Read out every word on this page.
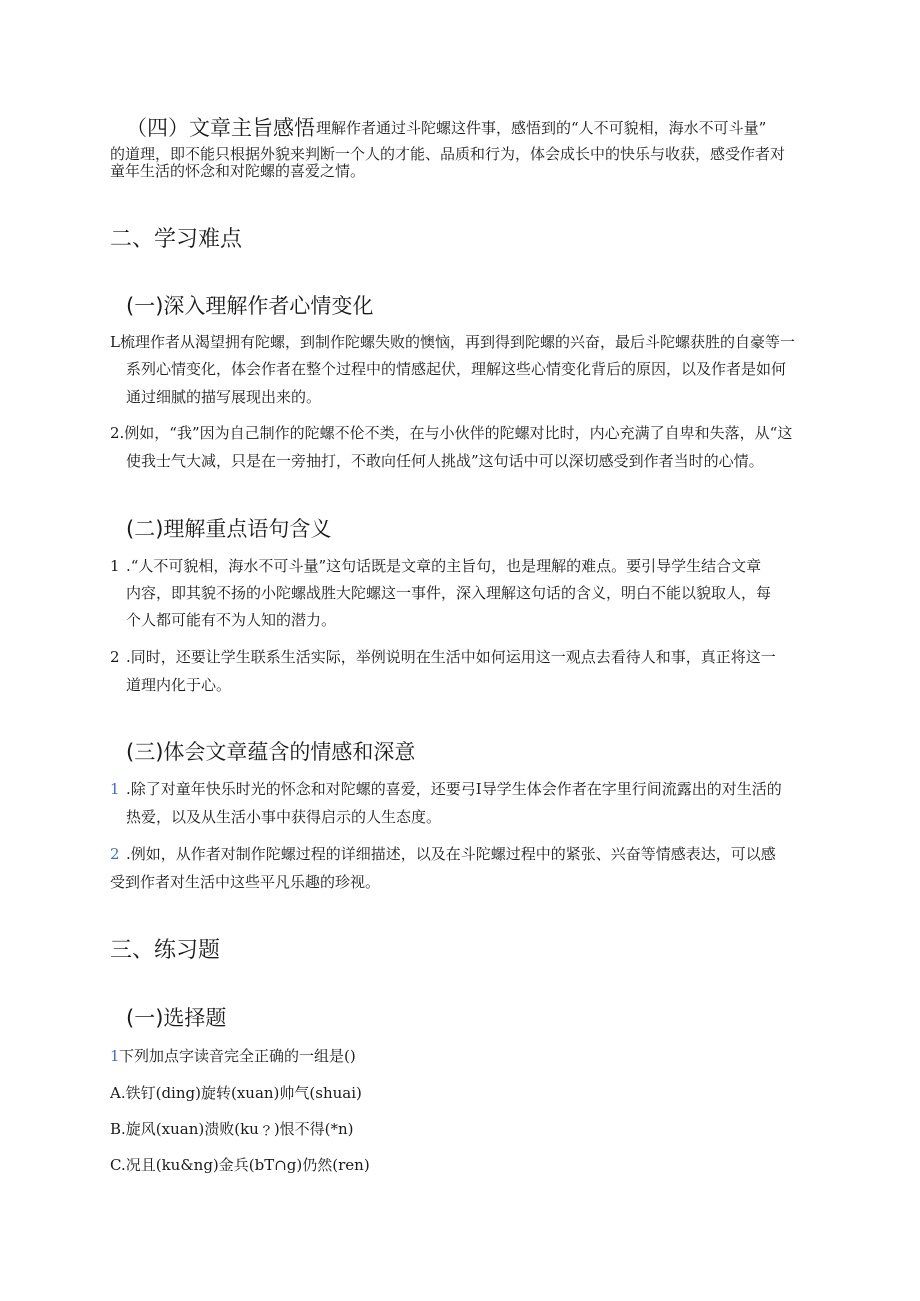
（四）文章主旨感悟 理解作者通过斗陀螺这件事，感悟到的“人不可貌相，海水不可斗量”
的道理，即不能只根据外貌来判断一个人的才能、品质和行为，体会成长中的快乐与收获，感受作者对
童年生活的怀念和对陀螺的喜爱之情。
二、学习难点
(一)深入理解作者心情变化
L梳理作者从渴望拥有陀螺，到制作陀螺失败的懊恼，再到得到陀螺的兴奋，最后斗陀螺获胜的自豪等一
系列心情变化，体会作者在整个过程中的情感起伏，理解这些心情变化背后的原因，以及作者是如何
通过细腻的描写展现出来的。
2.例如，“我”因为自己制作的陀螺不伦不类，在与小伙伴的陀螺对比时，内心充满了自卑和失落，从“这
使我士气大减，只是在一旁抽打，不敢向任何人挑战”这句话中可以深切感受到作者当时的心情。
(二)理解重点语句含义
1 .“人不可貌相，海水不可斗量”这句话既是文章的主旨句，也是理解的难点。要引导学生结合文章
内容，即其貌不扬的小陀螺战胜大陀螺这一事件，深入理解这句话的含义，明白不能以貌取人，每
个人都可能有不为人知的潜力。
2 .同时，还要让学生联系生活实际，举例说明在生活中如何运用这一观点去看待人和事，真正将这一
道理内化于心。
(三)体会文章蕴含的情感和深意
1 .除了对童年快乐时光的怀念和对陀螺的喜爱，还要弓I导学生体会作者在字里行间流露出的对生活的
热爱，以及从生活小事中获得启示的人生态度。
2 .例如，从作者对制作陀螺过程的详细描述，以及在斗陀螺过程中的紧张、兴奋等情感表达，可以感
受到作者对生活中这些平凡乐趣的珍视。
三、练习题
(一)选择题
1 下列加点字读音完全正确的一组是()
A.铁钉(ding)旋转(xuan)帅气(shuai)
B.旋风(xuan)溃败(ku﹖)恨不得(*n)
C.况且(ku&ng)金兵(bT∩g)仍然(ren)
